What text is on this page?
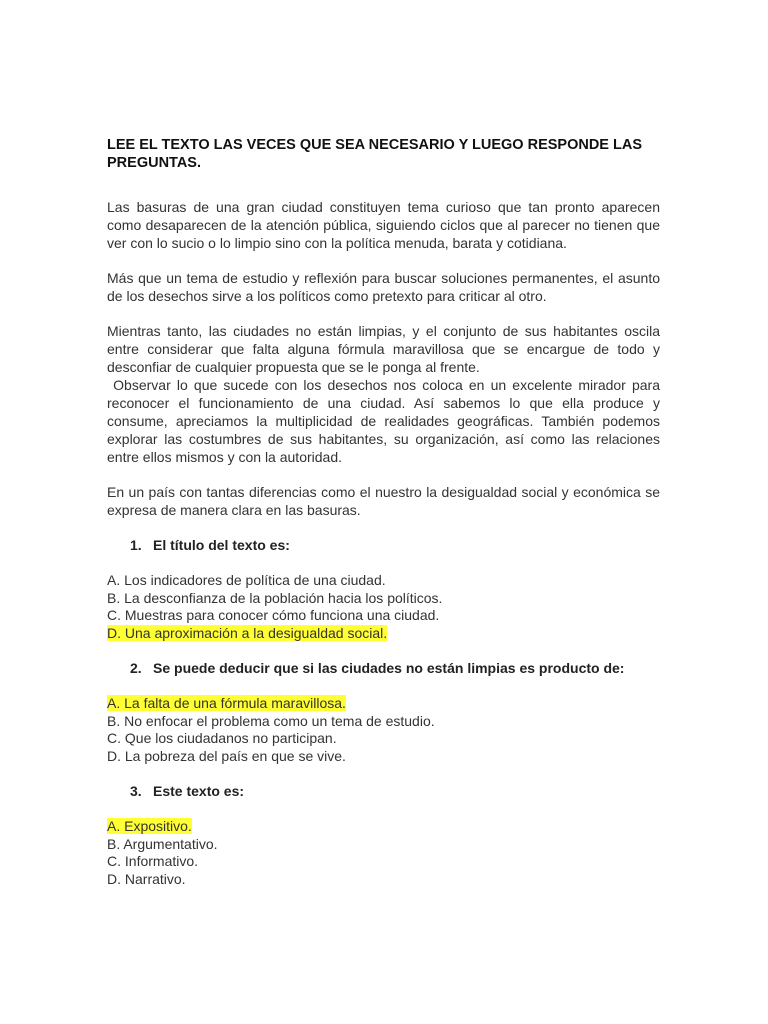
LEE EL TEXTO LAS VECES QUE SEA NECESARIO Y LUEGO RESPONDE LAS PREGUNTAS.
Las basuras de una gran ciudad constituyen tema curioso que tan pronto aparecen como desaparecen de la atención pública, siguiendo ciclos que al parecer no tienen que ver con lo sucio o lo limpio sino con la política menuda, barata y cotidiana.
Más que un tema de estudio y reflexión para buscar soluciones permanentes, el asunto de los desechos sirve a los políticos como pretexto para criticar al otro.
Mientras tanto, las ciudades no están limpias, y el conjunto de sus habitantes oscila entre considerar que falta alguna fórmula maravillosa que se encargue de todo y desconfiar de cualquier propuesta que se le ponga al frente.
Observar lo que sucede con los desechos nos coloca en un excelente mirador para reconocer el funcionamiento de una ciudad. Así sabemos lo que ella produce y consume, apreciamos la multiplicidad de realidades geográficas. También podemos explorar las costumbres de sus habitantes, su organización, así como las relaciones entre ellos mismos y con la autoridad.
En un país con tantas diferencias como el nuestro la desigualdad social y económica se expresa de manera clara en las basuras.
1. El título del texto es:
A. Los indicadores de política de una ciudad.
B. La desconfianza de la población hacia los políticos.
C. Muestras para conocer cómo funciona una ciudad.
D. Una aproximación a la desigualdad social.
2. Se puede deducir que si las ciudades no están limpias es producto de:
A. La falta de una fórmula maravillosa.
B. No enfocar el problema como un tema de estudio.
C. Que los ciudadanos no participan.
D. La pobreza del país en que se vive.
3. Este texto es:
A. Expositivo.
B. Argumentativo.
C. Informativo.
D. Narrativo.
